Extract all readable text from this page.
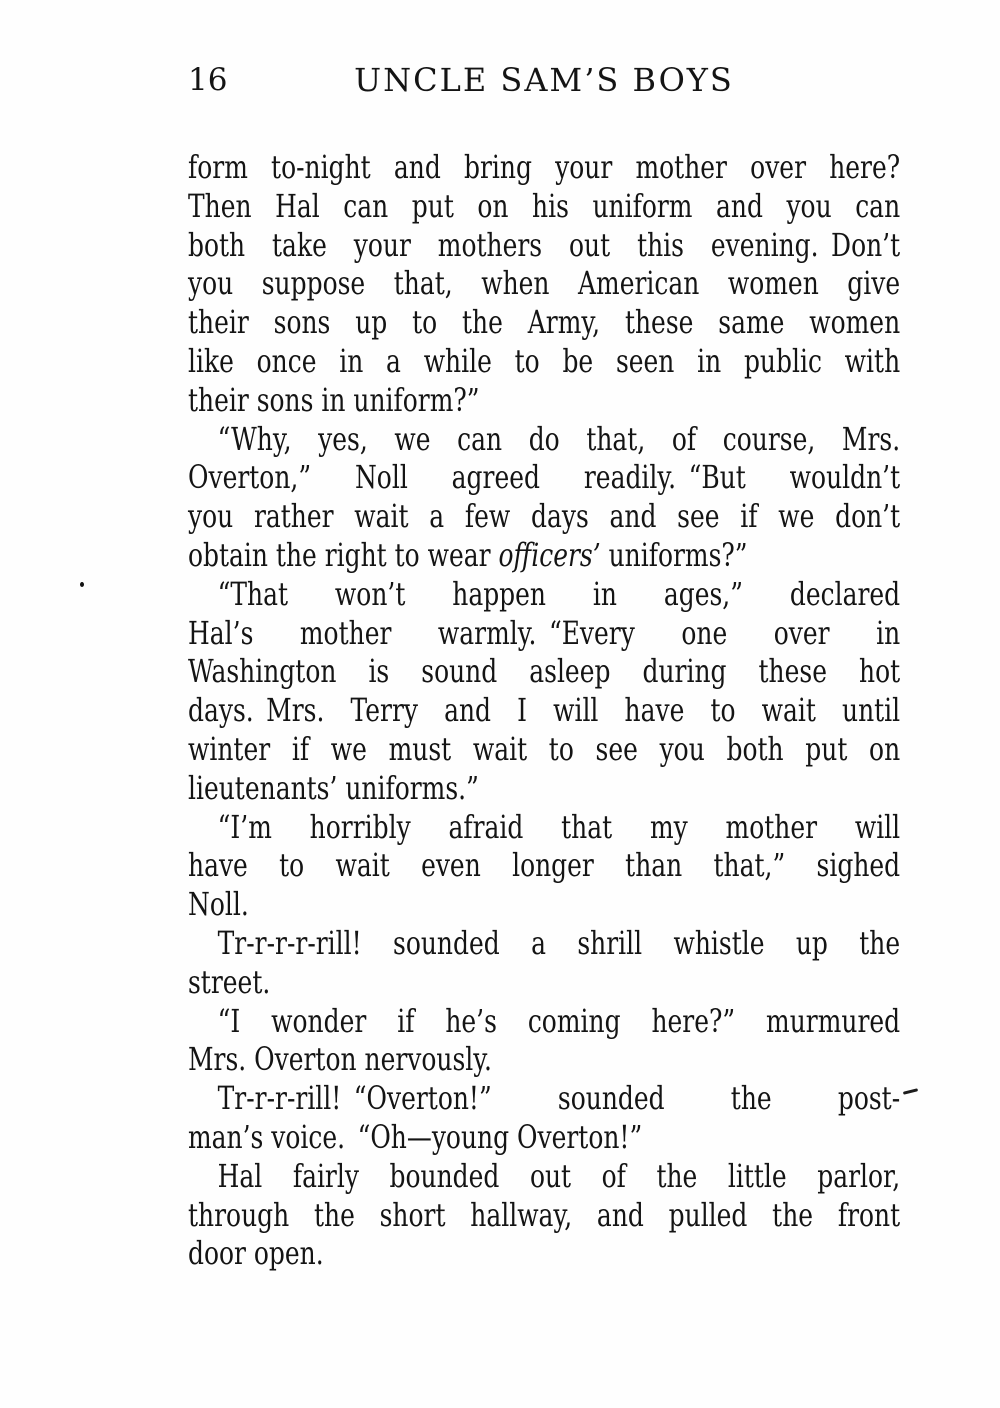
16	UNCLE SAM’S BOYS
form to-night and bring your mother over here?
Then Hal can put on his uniform and you can
both take your mothers out this evening. Don’t
you suppose that, when American women give
their sons up to the Army, these same women
like once in a while to be seen in public with
their sons in uniform?”
“Why, yes, we can do that, of course, Mrs.
Overton,” Noll agreed readily. “But wouldn’t
you rather wait a few days and see if we don’t
obtain the right to wear officers’ uniforms?”
“That won’t happen in ages,” declared
Hal’s mother warmly. “Every one over in
Washington is sound asleep during these hot
days. Mrs. Terry and I will have to wait until
winter if we must wait to see you both put on
lieutenants’ uniforms.”
“I’m horribly afraid that my mother will
have to wait even longer than that,” sighed
Noll.
Tr-r-r-r-rill! sounded a shrill whistle up the
street.
“I wonder if he’s coming here?” murmured
Mrs. Overton nervously.
Tr-r-r-rill! “Overton!” sounded the post-
man’s voice. “Oh—young Overton!”
Hal fairly bounded out of the little parlor,
through the short hallway, and pulled the front
door open.
